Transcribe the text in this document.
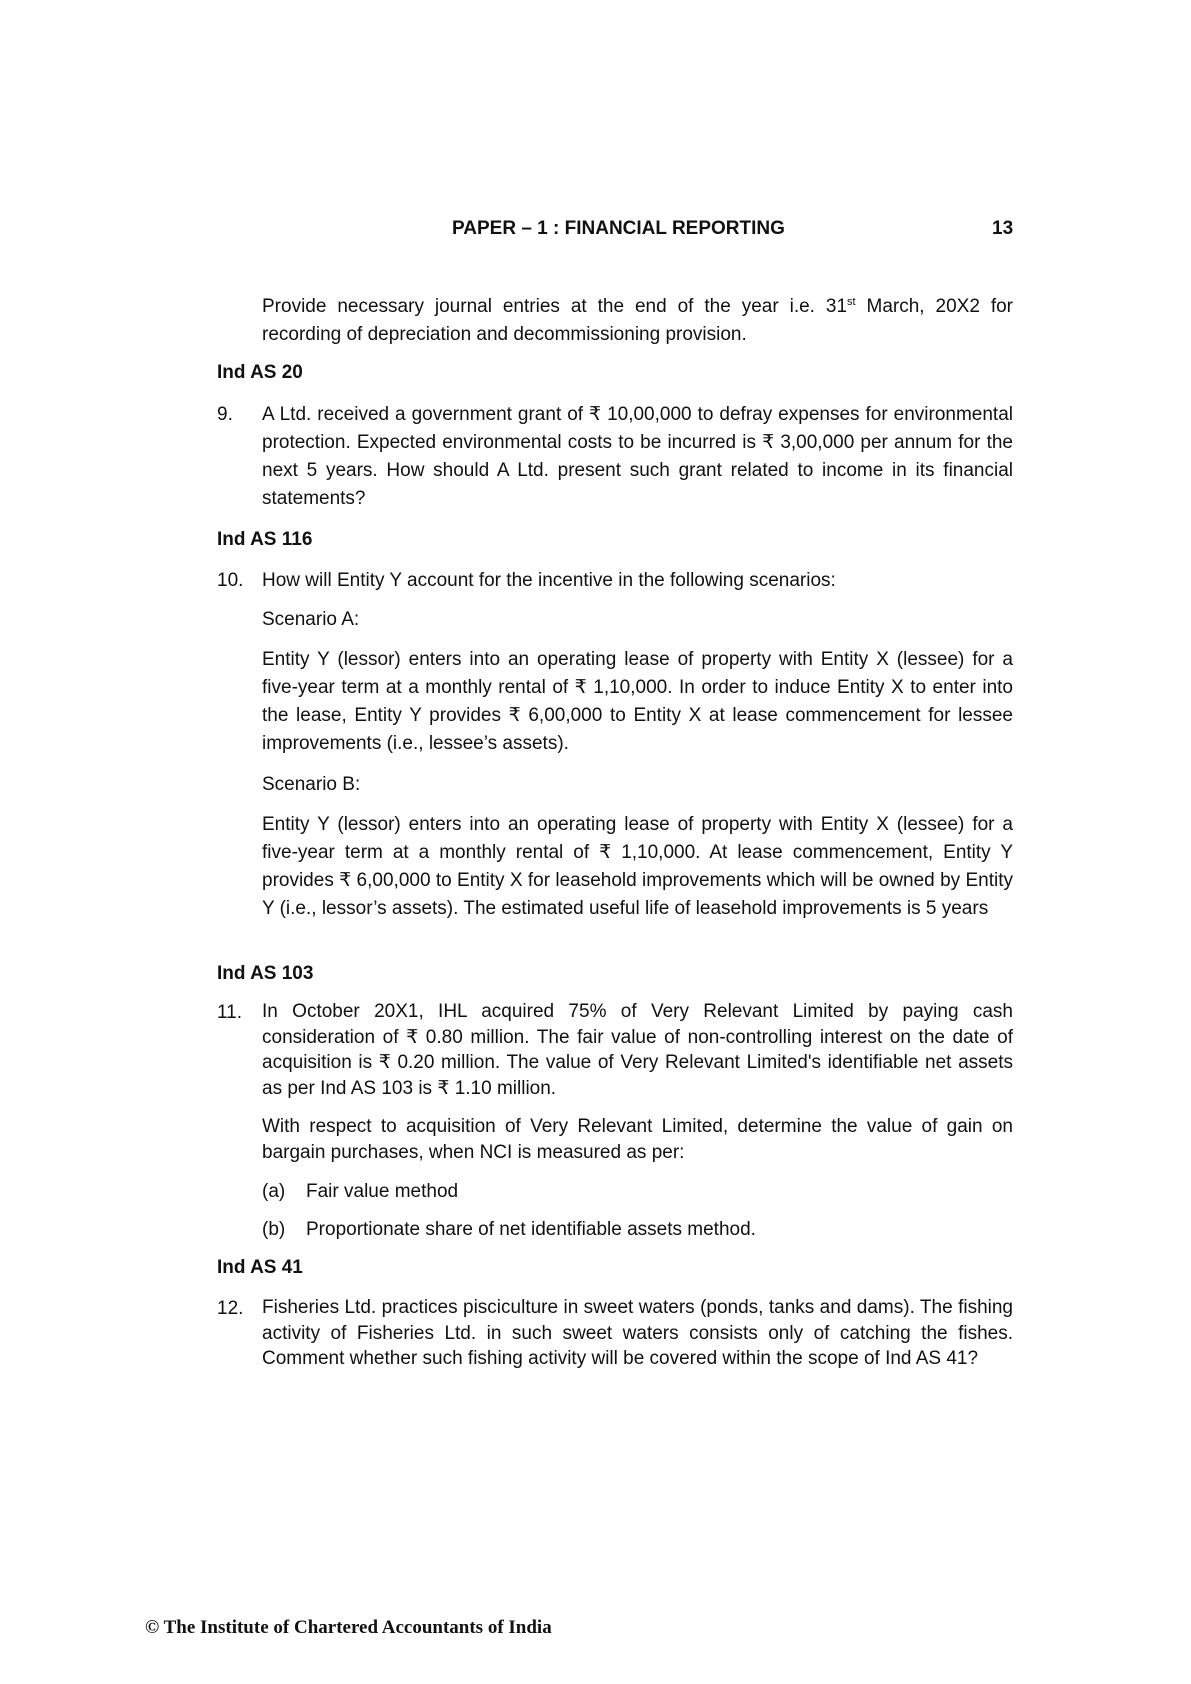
PAPER – 1 : FINANCIAL REPORTING	13
Provide necessary journal entries at the end of the year i.e. 31st March, 20X2 for recording of depreciation and decommissioning provision.
Ind AS 20
9. A Ltd. received a government grant of ₹ 10,00,000 to defray expenses for environmental protection. Expected environmental costs to be incurred is ₹ 3,00,000 per annum for the next 5 years. How should A Ltd. present such grant related to income in its financial statements?
Ind AS 116
10. How will Entity Y account for the incentive in the following scenarios:
Scenario A:
Entity Y (lessor) enters into an operating lease of property with Entity X (lessee) for a five-year term at a monthly rental of ₹ 1,10,000. In order to induce Entity X to enter into the lease, Entity Y provides ₹ 6,00,000 to Entity X at lease commencement for lessee improvements (i.e., lessee’s assets).
Scenario B:
Entity Y (lessor) enters into an operating lease of property with Entity X (lessee) for a five-year term at a monthly rental of ₹ 1,10,000. At lease commencement, Entity Y provides ₹ 6,00,000 to Entity X for leasehold improvements which will be owned by Entity Y (i.e., lessor’s assets). The estimated useful life of leasehold improvements is 5 years
Ind AS 103
11. In October 20X1, IHL acquired 75% of Very Relevant Limited by paying cash consideration of ₹ 0.80 million. The fair value of non-controlling interest on the date of acquisition is ₹ 0.20 million. The value of Very Relevant Limited's identifiable net assets as per Ind AS 103 is ₹ 1.10 million.
With respect to acquisition of Very Relevant Limited, determine the value of gain on bargain purchases, when NCI is measured as per:
(a) Fair value method
(b) Proportionate share of net identifiable assets method.
Ind AS 41
12. Fisheries Ltd. practices pisciculture in sweet waters (ponds, tanks and dams). The fishing activity of Fisheries Ltd. in such sweet waters consists only of catching the fishes. Comment whether such fishing activity will be covered within the scope of Ind AS 41?
© The Institute of Chartered Accountants of India
